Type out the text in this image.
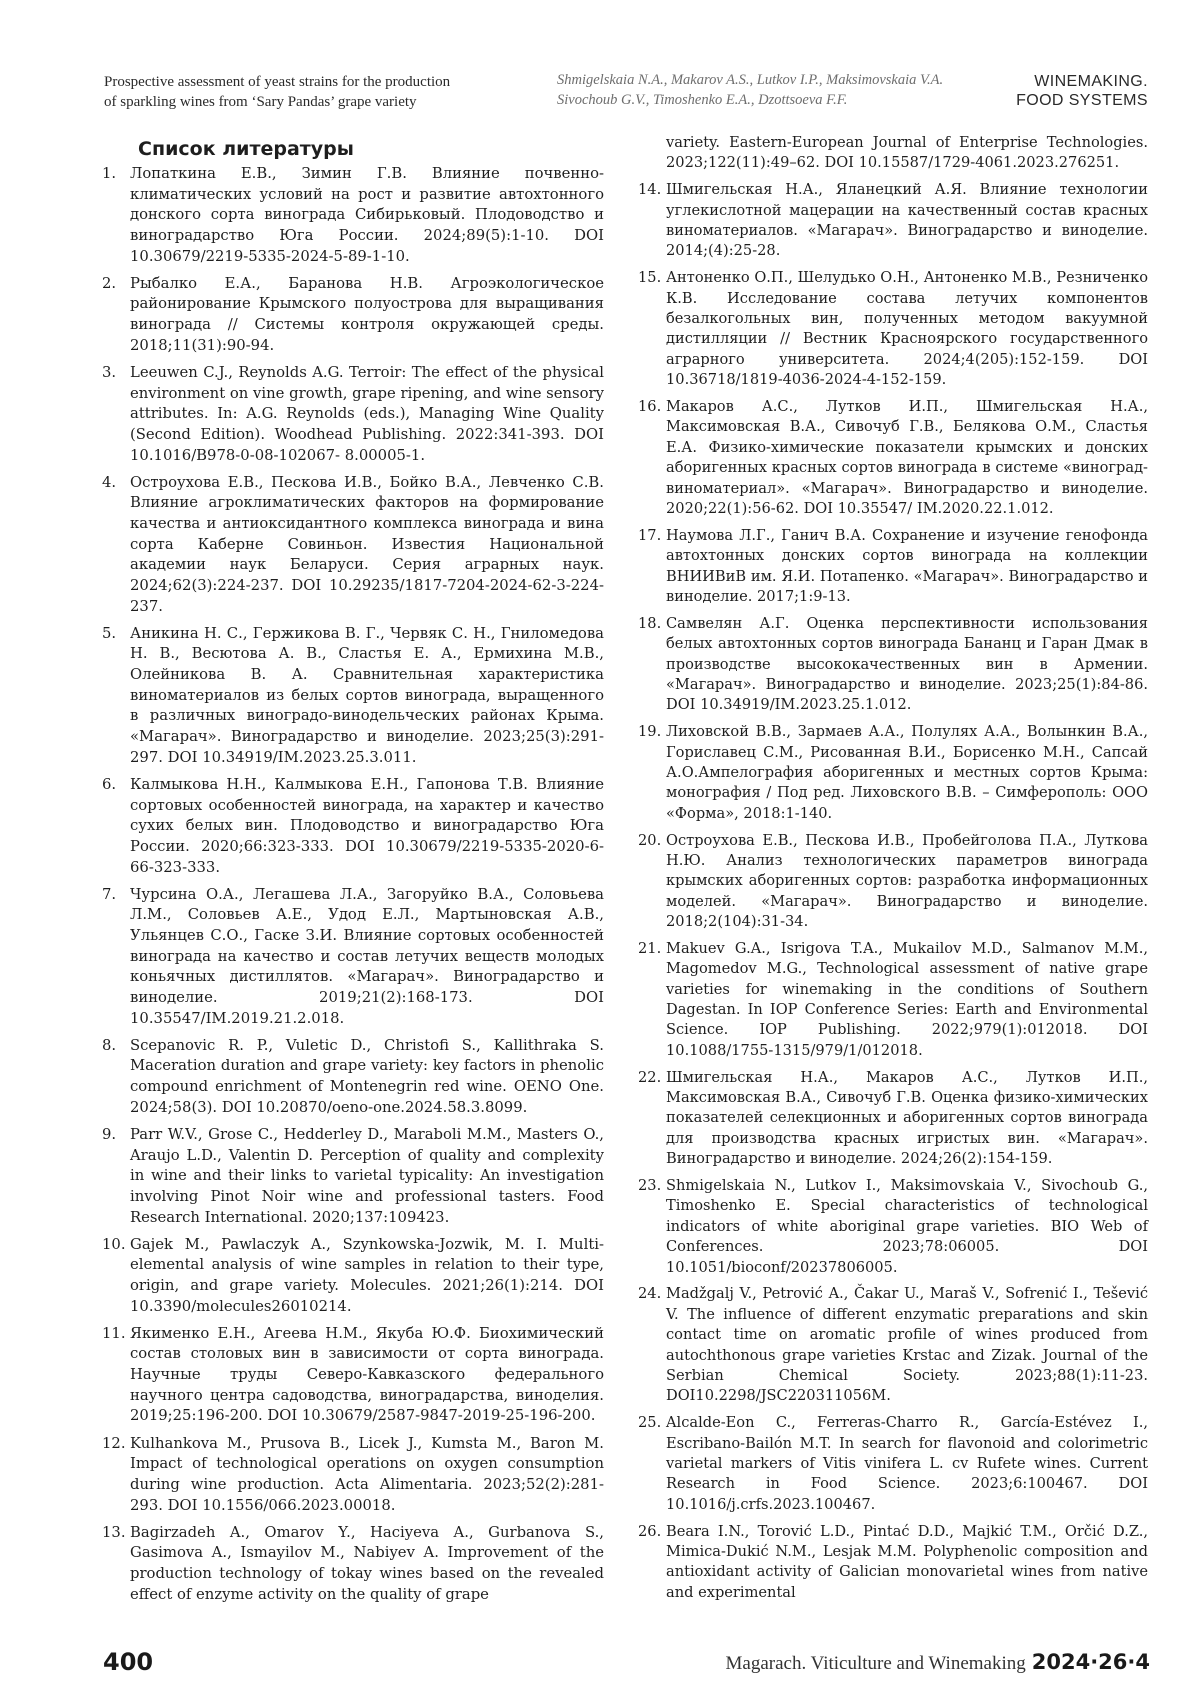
Prospective assessment of yeast strains for the production
of sparkling wines from ‘Sary Pandas’ grape variety
Shmigelskaia N.A., Makarov A.S., Lutkov I.P., Maksimovskaia V.A.
Sivochoub G.V., Timoshenko E.A., Dzottsoeva F.F.
WINEMAKING.
FOOD SYSTEMS
Список литературы
1. Лопаткина Е.В., Зимин Г.В. Влияние почвенно-климатических условий на рост и развитие автохтонного донского сорта винограда Сибирьковый. Плодоводство и виноградарство Юга России. 2024;89(5):1-10. DOI 10.30679/2219-5335-2024-5-89-1-10.
2. Рыбалко Е.А., Баранова Н.В. Агроэкологическое районирование Крымского полуострова для выращивания винограда // Системы контроля окружающей среды. 2018;11(31):90-94.
3. Leeuwen C.J., Reynolds A.G. Terroir: The effect of the physical environment on vine growth, grape ripening, and wine sensory attributes. In: A.G. Reynolds (eds.), Managing Wine Quality (Second Edition). Woodhead Publishing. 2022:341-393. DOI 10.1016/B978-0-08-102067- 8.00005-1.
4. Остроухова Е.В., Пескова И.В., Бойко В.А., Левченко С.В. Влияние агроклиматических факторов на формирование качества и антиоксидантного комплекса винограда и вина сорта Каберне Совиньон. Известия Национальной академии наук Беларуси. Серия аграрных наук. 2024;62(3):224-237. DOI 10.29235/1817-7204-2024-62-3-224-237.
5. Аникина Н. С., Гержикова В. Г., Червяк С. Н., Гниломедова Н. В., Весютова А. В., Сластья Е. А., Ермихина М.В., Олейникова В. А. Сравнительная характеристика виноматериалов из белых сортов винограда, выращенного в различных виноградо-винодельческих районах Крыма. «Магарач». Виноградарство и виноделие. 2023;25(3):291-297. DOI 10.34919/IM.2023.25.3.011.
6. Калмыкова Н.Н., Калмыкова Е.Н., Гапонова Т.В. Влияние сортовых особенностей винограда, на характер и качество сухих белых вин. Плодоводство и виноградарство Юга России. 2020;66:323-333. DOI 10.30679/2219-5335-2020-6-66-323-333.
7. Чурсина О.А., Легашева Л.А., Загоруйко В.А., Соловьева Л.М., Соловьев А.Е., Удод Е.Л., Мартыновская А.В., Ульянцев С.О., Гаске З.И. Влияние сортовых особенностей винограда на качество и состав летучих веществ молодых коньячных дистиллятов. «Магарач». Виноградарство и виноделие. 2019;21(2):168-173. DOI 10.35547/IM.2019.21.2.018.
8. Scepanovic R. P., Vuletic D., Christofi S., Kallithraka S. Maceration duration and grape variety: key factors in phenolic compound enrichment of Montenegrin red wine. OENO One. 2024;58(3). DOI 10.20870/oeno-one.2024.58.3.8099.
9. Parr W.V., Grose C., Hedderley D., Maraboli M.M., Masters O., Araujo L.D., Valentin D. Perception of quality and complexity in wine and their links to varietal typicality: An investigation involving Pinot Noir wine and professional tasters. Food Research International. 2020;137:109423.
10. Gajek M., Pawlaczyk A., Szynkowska-Jozwik, M. I. Multi-elemental analysis of wine samples in relation to their type, origin, and grape variety. Molecules. 2021;26(1):214. DOI 10.3390/molecules26010214.
11. Якименко Е.Н., Агеева Н.М., Якуба Ю.Ф. Биохимический состав столовых вин в зависимости от сорта винограда. Научные труды Северо-Кавказского федерального научного центра садоводства, виноградарства, виноделия. 2019;25:196-200. DOI 10.30679/2587-9847-2019-25-196-200.
12. Kulhankova M., Prusova B., Licek J., Kumsta M., Baron M. Impact of technological operations on oxygen consumption during wine production. Acta Alimentaria. 2023;52(2):281-293. DOI 10.1556/066.2023.00018.
13. Bagirzadeh A., Omarov Y., Haciyeva A., Gurbanova S., Gasimova A., Ismayilov M., Nabiyev A. Improvement of the production technology of tokay wines based on the revealed effect of enzyme activity on the quality of grape
variety. Eastern-European Journal of Enterprise Technologies. 2023;122(11):49–62. DOI 10.15587/1729-4061.2023.276251.
14. Шмигельская Н.А., Яланецкий А.Я. Влияние технологии углекислотной мацерации на качественный состав красных виноматериалов. «Магарач». Виноградарство и виноделие. 2014;(4):25-28.
15. Антоненко О.П., Шелудько О.Н., Антоненко М.В., Резниченко К.В. Исследование состава летучих компонентов безалкогольных вин, полученных методом вакуумной дистилляции // Вестник Красноярского государственного аграрного университета. 2024;4(205):152-159. DOI 10.36718/1819-4036-2024-4-152-159.
16. Макаров А.С., Лутков И.П., Шмигельская Н.А., Максимовская В.А., Сивочуб Г.В., Белякова О.М., Сластья Е.А. Физико-химические показатели крымских и донских аборигенных красных сортов винограда в системе «виноград-виноматериал». «Магарач». Виноградарство и виноделие. 2020;22(1):56-62. DOI 10.35547/ IM.2020.22.1.012.
17. Наумова Л.Г., Ганич В.А. Сохранение и изучение генофонда автохтонных донских сортов винограда на коллекции ВНИИВиВ им. Я.И. Потапенко. «Магарач». Виноградарство и виноделие. 2017;1:9-13.
18. Самвелян А.Г. Оценка перспективности использования белых автохтонных сортов винограда Бананц и Гаран Дмак в производстве высококачественных вин в Армении. «Магарач». Виноградарство и виноделие. 2023;25(1):84-86. DOI 10.34919/IM.2023.25.1.012.
19. Лиховской В.В., Зармаев А.А., Полулях А.А., Волынкин В.А., Гориславец С.М., Рисованная В.И., Борисенко М.Н., Сапсай А.О.Ампелография аборигенных и местных сортов Крыма: монография / Под ред. Лиховского В.В. – Симферополь: ООО «Форма», 2018:1-140.
20. Остроухова Е.В., Пескова И.В., Пробейголова П.А., Луткова Н.Ю. Анализ технологических параметров винограда крымских аборигенных сортов: разработка информационных моделей. «Магарач». Виноградарство и виноделие. 2018;2(104):31-34.
21. Makuev G.A., Isrigova T.A., Mukailov M.D., Salmanov M.M., Magomedov M.G., Technological assessment of native grape varieties for winemaking in the conditions of Southern Dagestan. In IOP Conference Series: Earth and Environmental Science. IOP Publishing. 2022;979(1):012018. DOI 10.1088/1755-1315/979/1/012018.
22. Шмигельская Н.А., Макаров А.С., Лутков И.П., Максимовская В.А., Сивочуб Г.В. Оценка физико-химических показателей селекционных и аборигенных сортов винограда для производства красных игристых вин. «Магарач». Виноградарство и виноделие. 2024;26(2):154-159.
23. Shmigelskaia N., Lutkov I., Maksimovskaia V., Sivochoub G., Timoshenko E. Special characteristics of technological indicators of white aboriginal grape varieties. BIO Web of Conferences. 2023;78:06005. DOI 10.1051/bioconf/20237806005.
24. Madžgalj V., Petrović A., Čakar U., Maraš V., Sofrenić I., Tešević V. The influence of different enzymatic preparations and skin contact time on aromatic profile of wines produced from autochthonous grape varieties Krstac and Zizak. Journal of the Serbian Chemical Society. 2023;88(1):11-23. DOI10.2298/JSC220311056M.
25. Alcalde-Eon C., Ferreras-Charro R., García-Estévez I., Escribano-Bailón M.T. In search for flavonoid and colorimetric varietal markers of Vitis vinifera L. cv Rufete wines. Current Research in Food Science. 2023;6:100467. DOI 10.1016/j.crfs.2023.100467.
26. Beara I.N., Torović L.D., Pintać D.D., Majkić T.M., Orčić D.Z., Mimica-Dukić N.M., Lesjak M.M. Polyphenolic composition and antioxidant activity of Galician monovarietal wines from native and experimental
400	Magarach. Viticulture and Winemaking 2024·26·4
